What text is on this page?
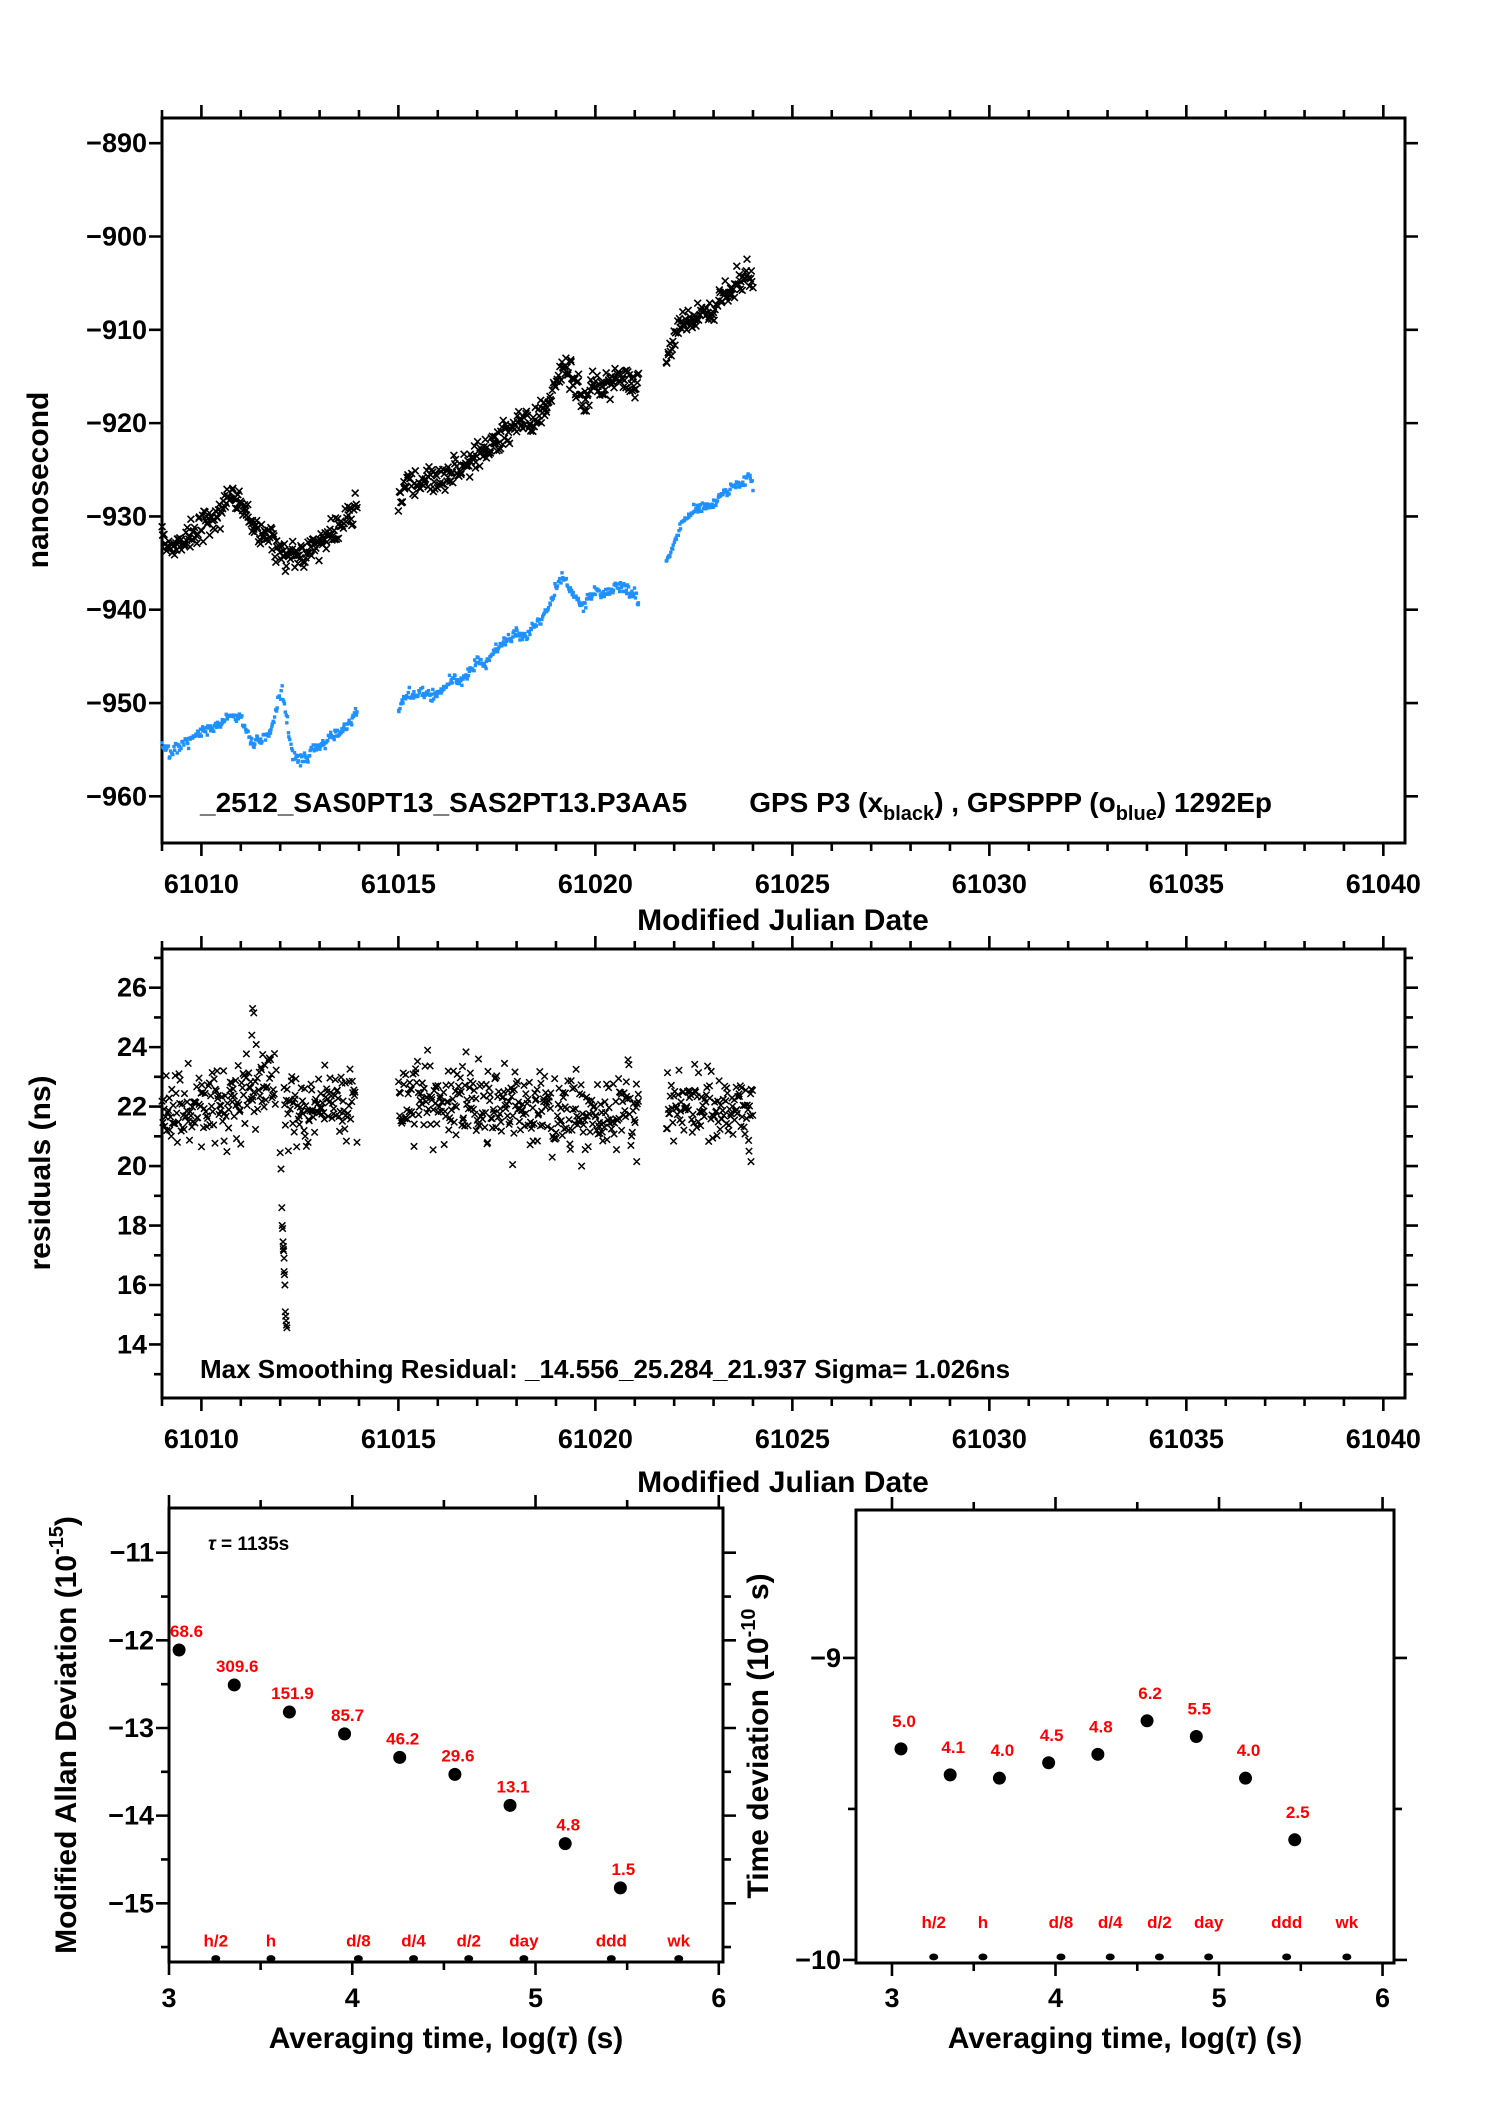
61010	61015	61020	61025	61030	61035	61040
−890
−900
−910
−920
−930
−940
−950
−960
61010	61015	61020	61025	61030	61035	61040
14
16
18
20
22
24
26
3	4	5	6
−11
−12
−13
−14
−15
68.6
309.6
151.9
85.7
46.2
29.6
13.1
4.8
1.5
h/2 h	d/8 d/4 d/2 day	ddd wk
3	4	5	6
−9
−10
5.0
4.1 4.0
4.5 4.8
6.2
5.5
4.0
2.5
h/2 h	d/8 d/4 d/2 day	ddd wk
Modified Julian Date
nanosecond
_2512_SAS0PT13_SAS2PT13.P3AA5 GPS P3 $(x_{black})$ , GPSPPP $(o_{blue})$ 1292Ep
Modified Julian Date
residuals (ns)
Max Smoothing Residual: _14.556_25.284_21.937 Sigma= 1.026ns
Averaging time, log(τ) (s)
Modified Allan Deviation $(10^{-15})$
τ = 1135s
Averaging time, log(τ) (s)
Time deviation ($10^{-10}$ s)
